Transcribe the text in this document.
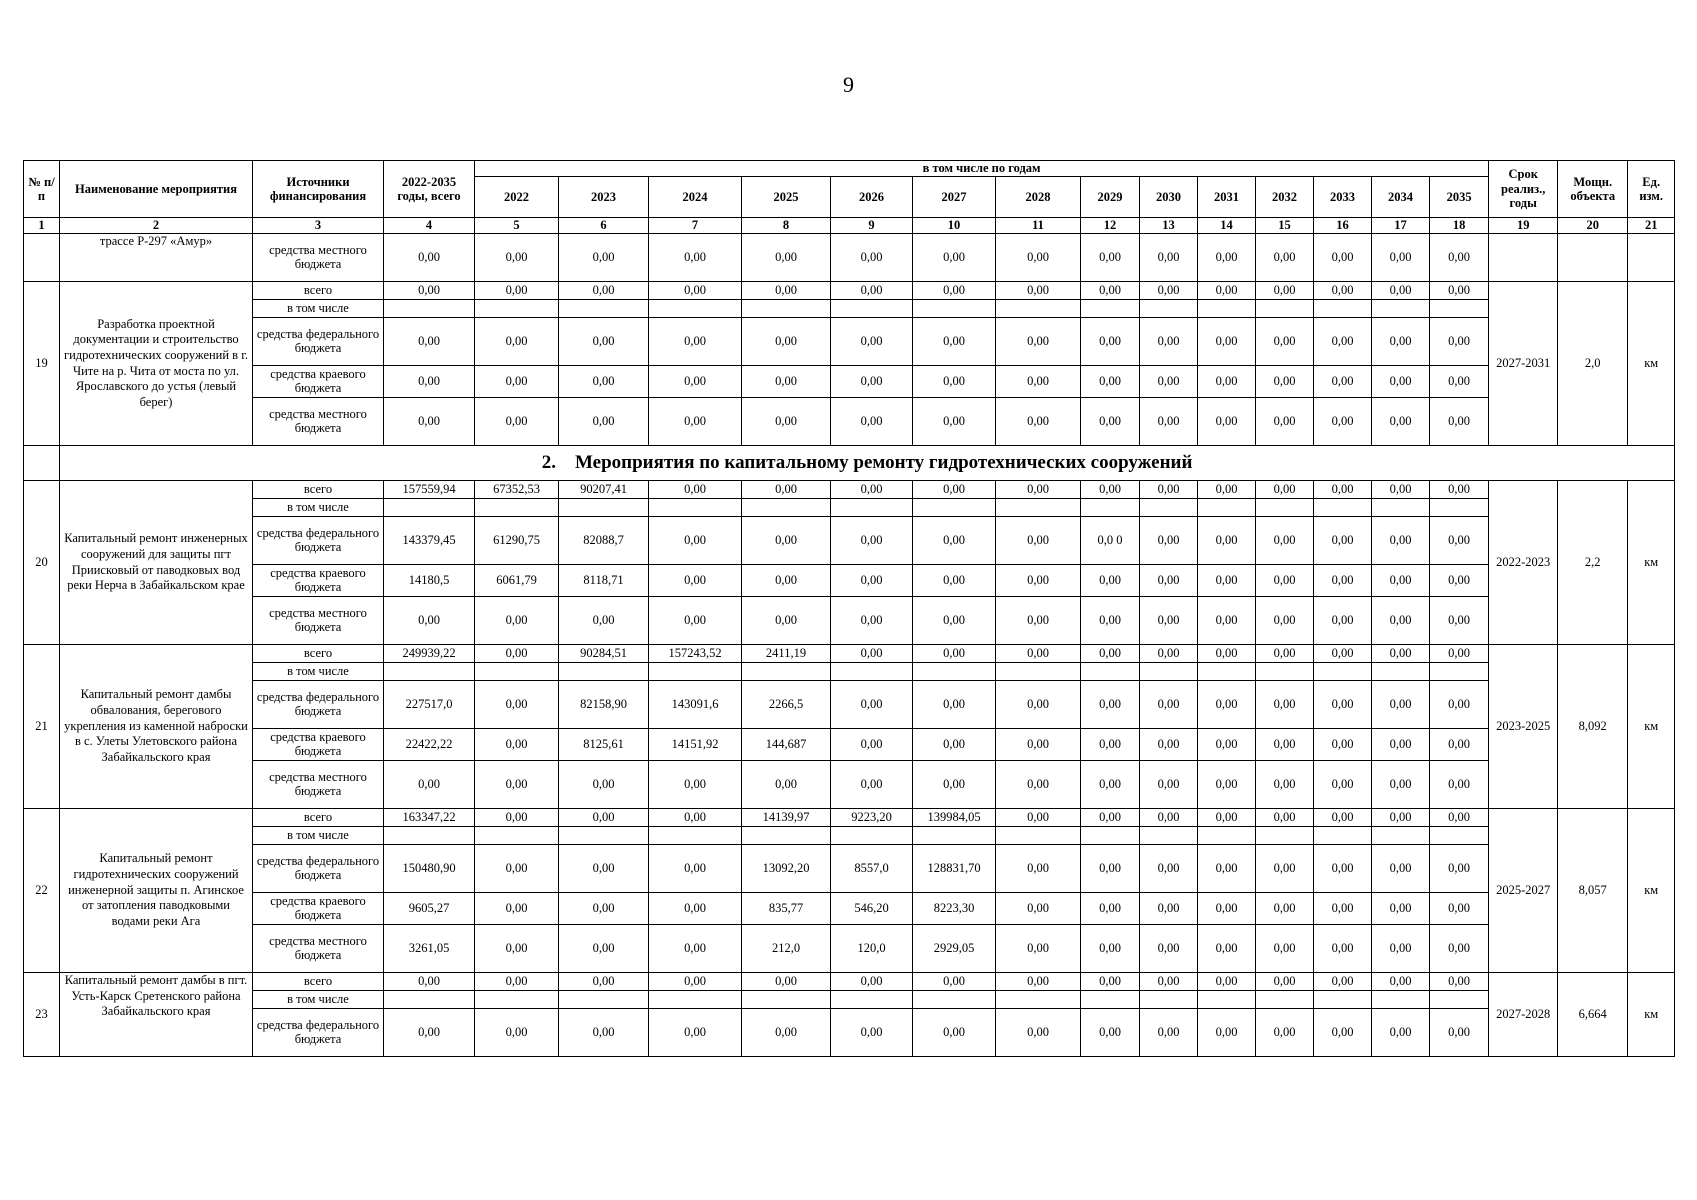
9
№ п/п	Наименование мероприятия	Источники финансирования	2022-2035 годы, всего	в том числе по годам														Срок реализ., годы	Мощн. объекта	Ед. изм.
				2022	2023	2024	2025	2026	2027	2028	2029	2030	2031	2032	2033	2034	2035			
1	2	3	4	5	6	7	8	9	10	11	12	13	14	15	16	17	18	19	20	21
	трассе Р-297 «Амур»	средства местного бюджета	0,00	0,00	0,00	0,00	0,00	0,00	0,00	0,00	0,00	0,00	0,00	0,00	0,00	0,00	0,00			
19	Разработка проектной документации и строительство гидротехнических сооружений в г. Чите на р. Чита от моста по ул. Ярославского до устья (левый берег)	всего	0,00	0,00	0,00	0,00	0,00	0,00	0,00	0,00	0,00	0,00	0,00	0,00	0,00	0,00	0,00	2027-2031	2,0	км
		в том числе																		
		средства федерального бюджета	0,00	0,00	0,00	0,00	0,00	0,00	0,00	0,00	0,00	0,00	0,00	0,00	0,00	0,00	0,00			
		средства краевого бюджета	0,00	0,00	0,00	0,00	0,00	0,00	0,00	0,00	0,00	0,00	0,00	0,00	0,00	0,00	0,00			
		средства местного бюджета	0,00	0,00	0,00	0,00	0,00	0,00	0,00	0,00	0,00	0,00	0,00	0,00	0,00	0,00	0,00			
	2. Мероприятия по капитальному ремонту гидротехнических сооружений																			
20	Капитальный ремонт инженерных сооружений для защиты пгт Приисковый от паводковых вод реки Нерча в Забайкальском крае	всего	157559,94	67352,53	90207,41	0,00	0,00	0,00	0,00	0,00	0,00	0,00	0,00	0,00	0,00	0,00	0,00	2022-2023	2,2	км
		в том числе																		
		средства федерального бюджета	143379,45	61290,75	82088,7	0,00	0,00	0,00	0,00	0,00	0,0 0	0,00	0,00	0,00	0,00	0,00	0,00			
		средства краевого бюджета	14180,5	6061,79	8118,71	0,00	0,00	0,00	0,00	0,00	0,00	0,00	0,00	0,00	0,00	0,00	0,00			
		средства местного бюджета	0,00	0,00	0,00	0,00	0,00	0,00	0,00	0,00	0,00	0,00	0,00	0,00	0,00	0,00	0,00			
21	Капитальный ремонт дамбы обвалования, берегового укрепления из каменной наброски в с. Улеты Улетовского района Забайкальского края	всего	249939,22	0,00	90284,51	157243,52	2411,19	0,00	0,00	0,00	0,00	0,00	0,00	0,00	0,00	0,00	0,00	2023-2025	8,092	км
		в том числе																		
		средства федерального бюджета	227517,0	0,00	82158,90	143091,6	2266,5	0,00	0,00	0,00	0,00	0,00	0,00	0,00	0,00	0,00	0,00			
		средства краевого бюджета	22422,22	0,00	8125,61	14151,92	144,687	0,00	0,00	0,00	0,00	0,00	0,00	0,00	0,00	0,00	0,00			
		средства местного бюджета	0,00	0,00	0,00	0,00	0,00	0,00	0,00	0,00	0,00	0,00	0,00	0,00	0,00	0,00	0,00			
22	Капитальный ремонт гидротехнических сооружений инженерной защиты п. Агинское от затопления паводковыми водами реки Ага	всего	163347,22	0,00	0,00	0,00	14139,97	9223,20	139984,05	0,00	0,00	0,00	0,00	0,00	0,00	0,00	0,00	2025-2027	8,057	км
		в том числе																		
		средства федерального бюджета	150480,90	0,00	0,00	0,00	13092,20	8557,0	128831,70	0,00	0,00	0,00	0,00	0,00	0,00	0,00	0,00			
		средства краевого бюджета	9605,27	0,00	0,00	0,00	835,77	546,20	8223,30	0,00	0,00	0,00	0,00	0,00	0,00	0,00	0,00			
		средства местного бюджета	3261,05	0,00	0,00	0,00	212,0	120,0	2929,05	0,00	0,00	0,00	0,00	0,00	0,00	0,00	0,00			
23	Капитальный ремонт дамбы в пгт. Усть-Карск Сретенского района Забайкальского края	всего	0,00	0,00	0,00	0,00	0,00	0,00	0,00	0,00	0,00	0,00	0,00	0,00	0,00	0,00	0,00	2027-2028	6,664	км
		в том числе																		
		средства федерального бюджета	0,00	0,00	0,00	0,00	0,00	0,00	0,00	0,00	0,00	0,00	0,00	0,00	0,00	0,00	0,00			
